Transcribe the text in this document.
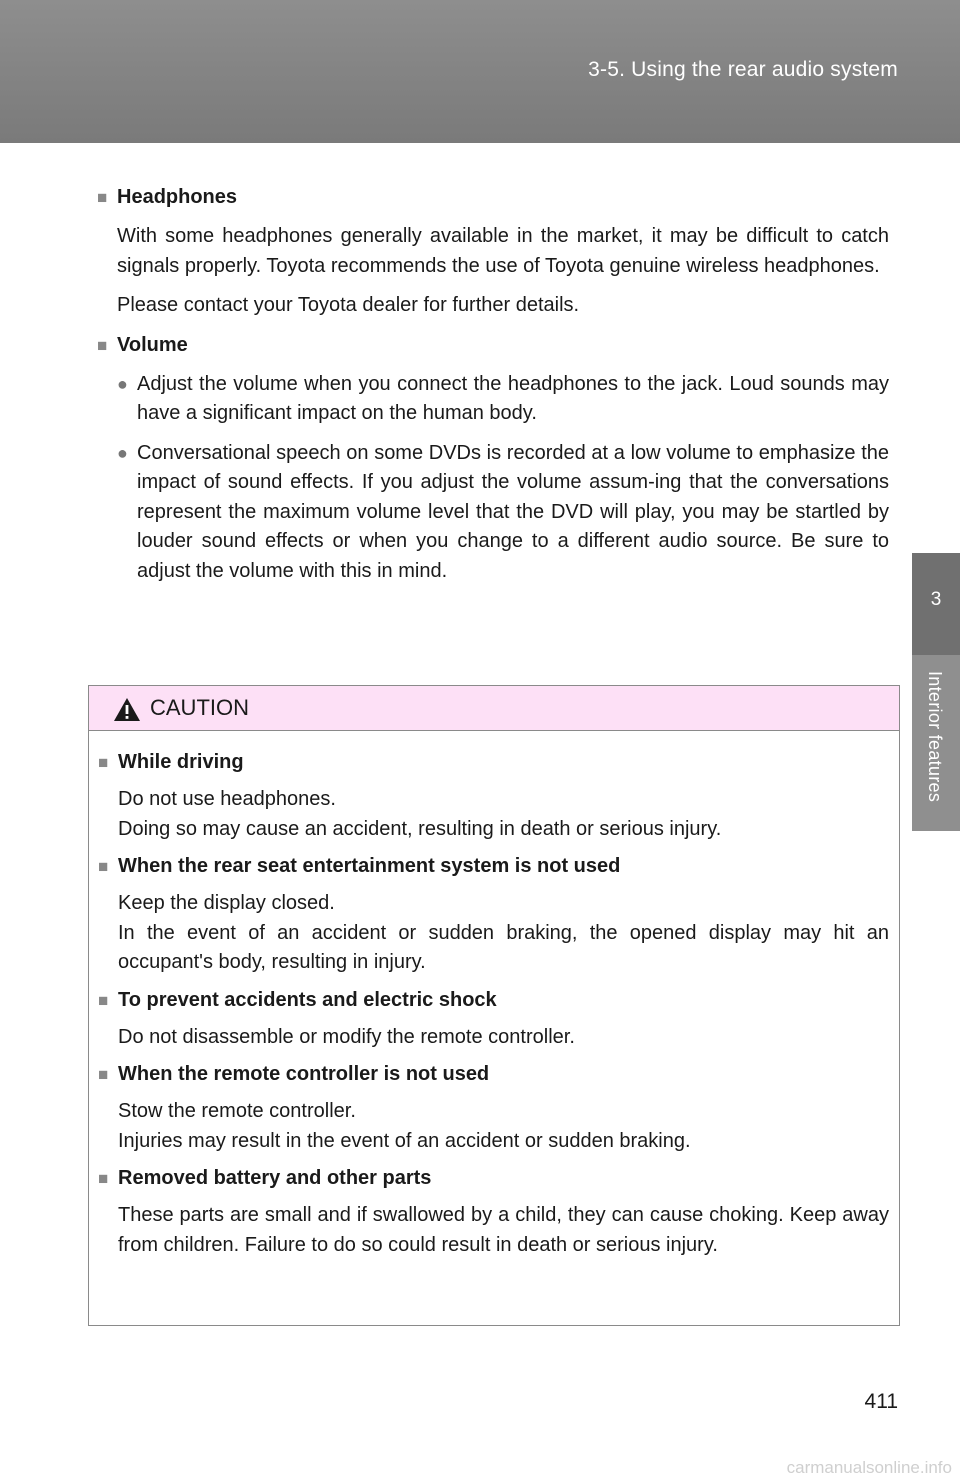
3-5. Using the rear audio system
3
Interior features
■ Headphones

With some headphones generally available in the market, it may be difficult to catch signals properly. Toyota recommends the use of Toyota genuine wireless headphones.

Please contact your Toyota dealer for further details.

■ Volume
● Adjust the volume when you connect the headphones to the jack. Loud sounds may have a significant impact on the human body.
● Conversational speech on some DVDs is recorded at a low volume to emphasize the impact of sound effects. If you adjust the volume assum-ing that the conversations represent the maximum volume level that the DVD will play, you may be startled by louder sound effects or when you change to a different audio source. Be sure to adjust the volume with this in mind.
CAUTION
■ While driving

Do not use headphones.
Doing so may cause an accident, resulting in death or serious injury.

■ When the rear seat entertainment system is not used

Keep the display closed.
In the event of an accident or sudden braking, the opened display may hit an occupant's body, resulting in injury.

■ To prevent accidents and electric shock

Do not disassemble or modify the remote controller.

■ When the remote controller is not used

Stow the remote controller.
Injuries may result in the event of an accident or sudden braking.

■ Removed battery and other parts

These parts are small and if swallowed by a child, they can cause choking. Keep away from children. Failure to do so could result in death or serious injury.

411
carmanualsonline.info
